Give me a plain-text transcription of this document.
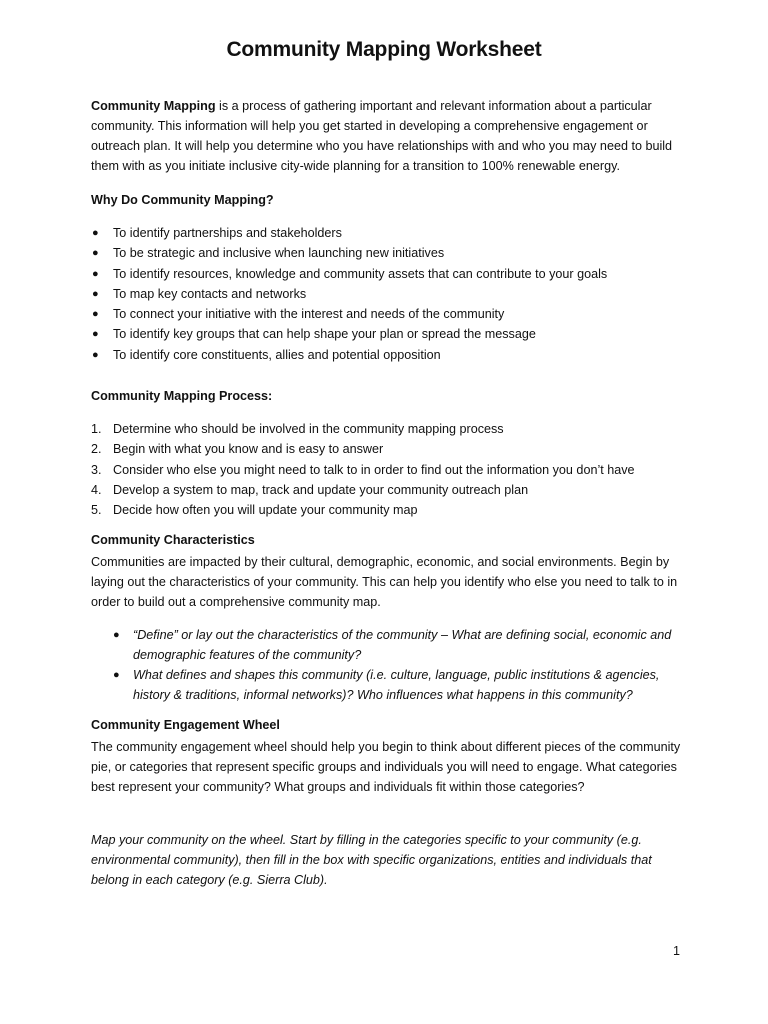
Community Mapping Worksheet

Community Mapping is a process of gathering important and relevant information about a particular community. This information will help you get started in developing a comprehensive engagement or outreach plan. It will help you determine who you have relationships with and who you may need to build them with as you initiate inclusive city-wide planning for a transition to 100% renewable energy.

Why Do Community Mapping?

● To identify partnerships and stakeholders
● To be strategic and inclusive when launching new initiatives
● To identify resources, knowledge and community assets that can contribute to your goals
● To map key contacts and networks
● To connect your initiative with the interest and needs of the community
● To identify key groups that can help shape your plan or spread the message
● To identify core constituents, allies and potential opposition

Community Mapping Process:

1. Determine who should be involved in the community mapping process
2. Begin with what you know and is easy to answer
3. Consider who else you might need to talk to in order to find out the information you don’t have
4. Develop a system to map, track and update your community outreach plan
5. Decide how often you will update your community map

Community Characteristics

Communities are impacted by their cultural, demographic, economic, and social environments. Begin by laying out the characteristics of your community. This can help you identify who else you need to talk to in order to build out a comprehensive community map.

● “Define” or lay out the characteristics of the community – What are defining social, economic and demographic features of the community?
● What defines and shapes this community (i.e. culture, language, public institutions & agencies, history & traditions, informal networks)? Who influences what happens in this community?

Community Engagement Wheel

The community engagement wheel should help you begin to think about different pieces of the community pie, or categories that represent specific groups and individuals you will need to engage. What categories best represent your community? What groups and individuals fit within those categories?

Map your community on the wheel. Start by filling in the categories specific to your community (e.g. environmental community), then fill in the box with specific organizations, entities and individuals that belong in each category (e.g. Sierra Club).

1
